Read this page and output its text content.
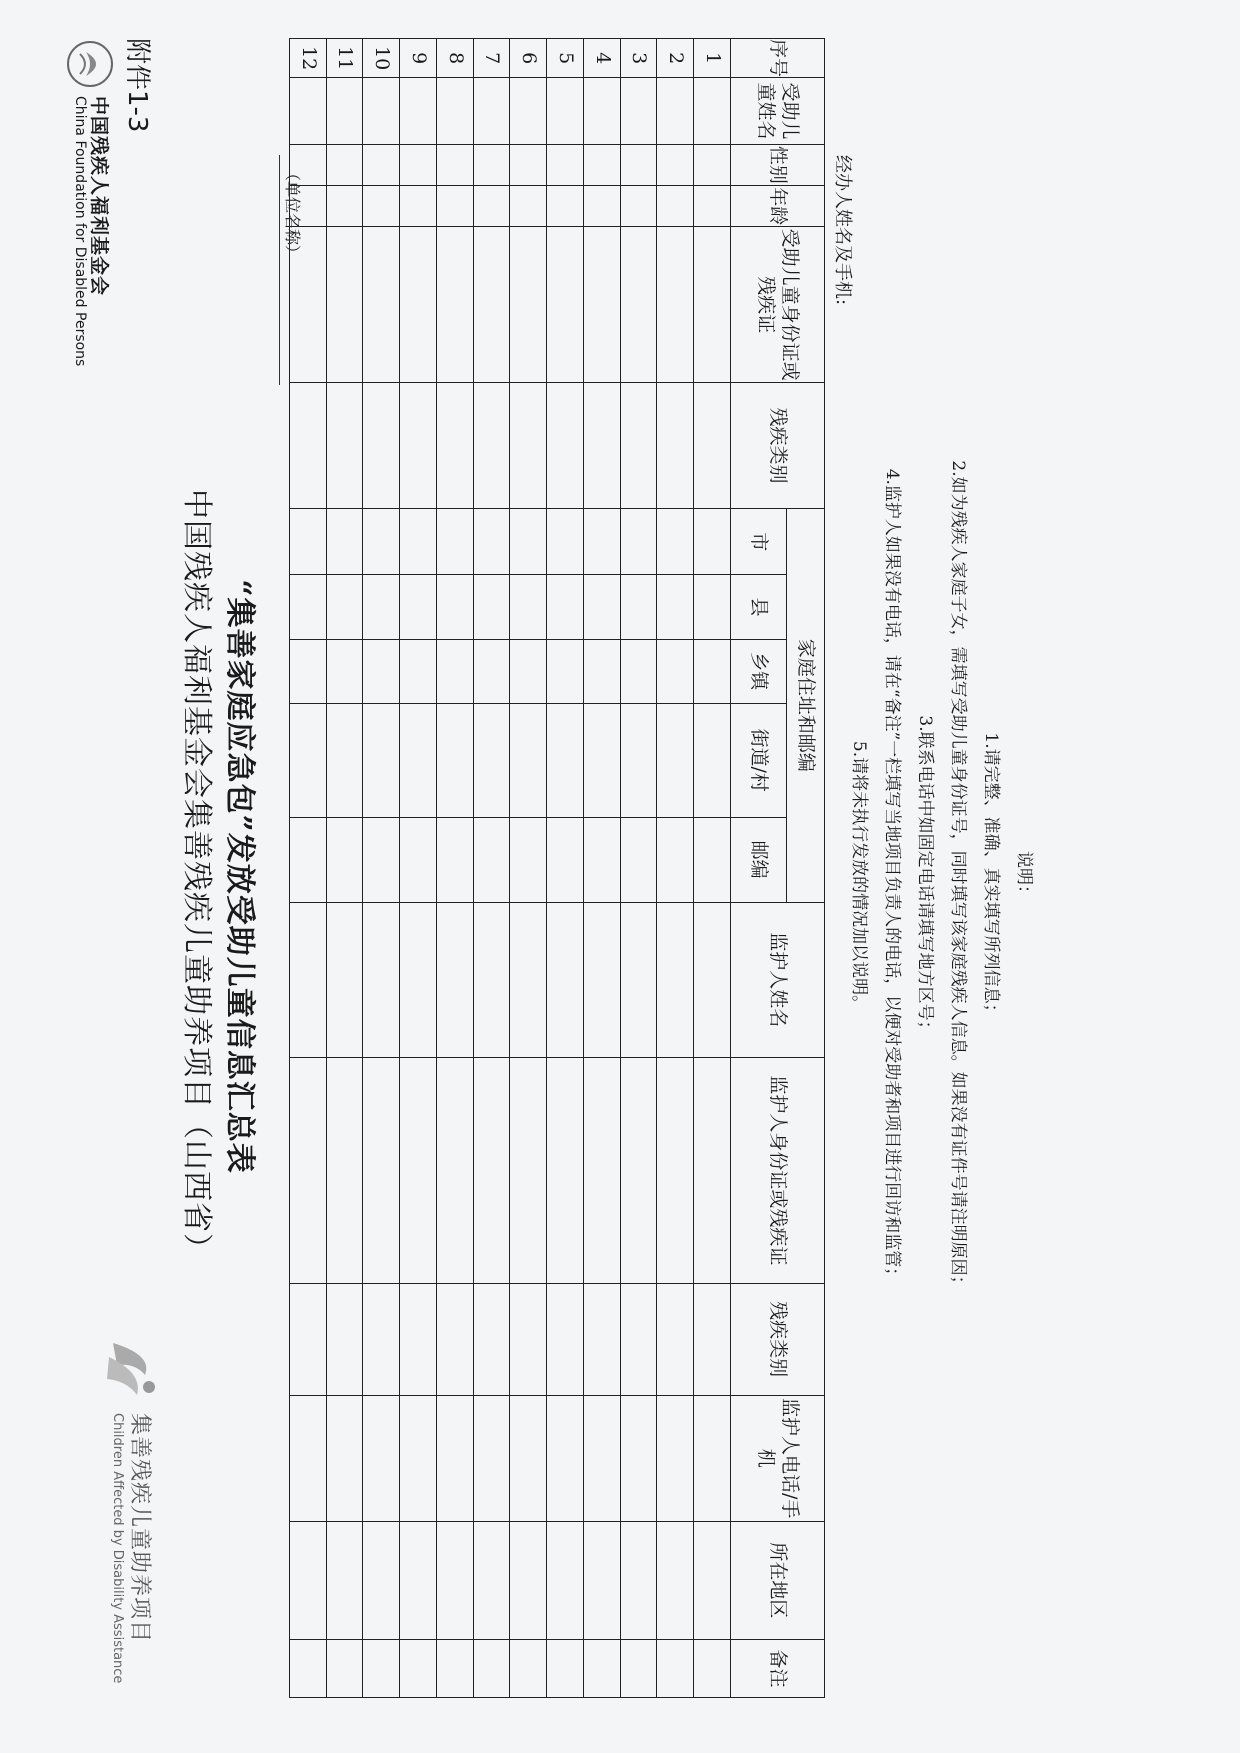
附件1-3
中国残疾人福利基金会
China Foundation for Disabled Persons
集善残疾儿童助养项目
Children Affected by Disability Assistance
中国残疾人福利基金会集善残疾儿童助养项目（山西省） “集善家庭应急包”发放受助儿童信息汇总表
（单位名称）
序号	受助儿童姓名	性别	年龄	受助儿童身份证或残疾证	残疾类别	家庭住址和邮编					监护人姓名	监护人身份证或残疾证	残疾类别	监护人电话/手机	所在地区	备注
						市	县	乡镇	街道/村	邮编						
1																
2																
3																
4																
5																
6																
7																
8																
9																
10																
11																
12																
经办人姓名及手机:
说明：
1.请完整、准确、真实填写所列信息；
2.如为残疾人家庭子女，需填写受助儿童身份证号，同时填写该家庭残疾人信息。如果没有证件号请注明原因；
3.联系电话中如固定电话请填写地方区号；
4.监护人如果没有电话，请在“备注”一栏填写当地项目负责人的电话，以便对受助者和项目进行回访和监管；
5.请将未执行发放的情况加以说明。
